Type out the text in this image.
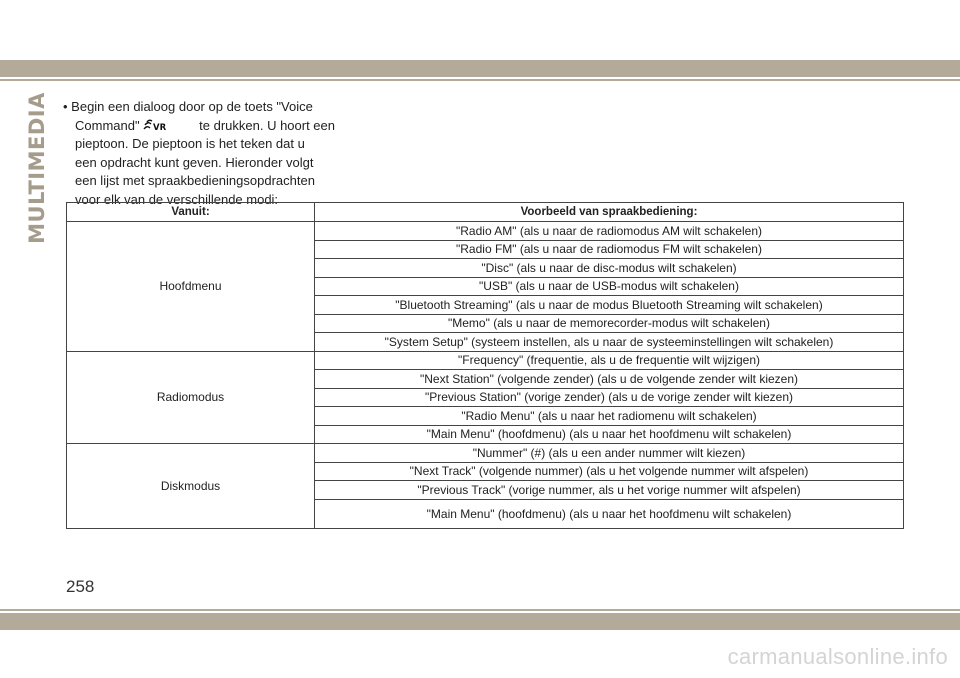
MULTIMEDIA • Begin een dialoog door op de toets "Voice
Command" VR	te drukken. U hoort een
pieptoon. De pieptoon is het teken dat u
een opdracht kunt geven. Hieronder volgt
een lijst met spraakbedieningsopdrachten
voor elk van de verschillende modi:
Vanuit:	Voorbeeld van spraakbediening:
Hoofdmenu	"Radio AM" (als u naar de radiomodus AM wilt schakelen)
	"Radio FM" (als u naar de radiomodus FM wilt schakelen)
	"Disc" (als u naar de disc-modus wilt schakelen)
	"USB" (als u naar de USB-modus wilt schakelen)
	"Bluetooth Streaming" (als u naar de modus Bluetooth Streaming wilt schakelen)
	"Memo" (als u naar de memorecorder-modus wilt schakelen)
	"System Setup" (systeem instellen, als u naar de systeeminstellingen wilt schakelen)
Radiomodus	"Frequency" (frequentie, als u de frequentie wilt wijzigen)
	"Next Station" (volgende zender) (als u de volgende zender wilt kiezen)
	"Previous Station" (vorige zender) (als u de vorige zender wilt kiezen)
	"Radio Menu" (als u naar het radiomenu wilt schakelen)
	"Main Menu" (hoofdmenu) (als u naar het hoofdmenu wilt schakelen)
Diskmodus	"Nummer" (#) (als u een ander nummer wilt kiezen)
	"Next Track" (volgende nummer) (als u het volgende nummer wilt afspelen)
	"Previous Track" (vorige nummer, als u het vorige nummer wilt afspelen)
	"Main Menu" (hoofdmenu) (als u naar het hoofdmenu wilt schakelen)
258
carmanualsonline.info
